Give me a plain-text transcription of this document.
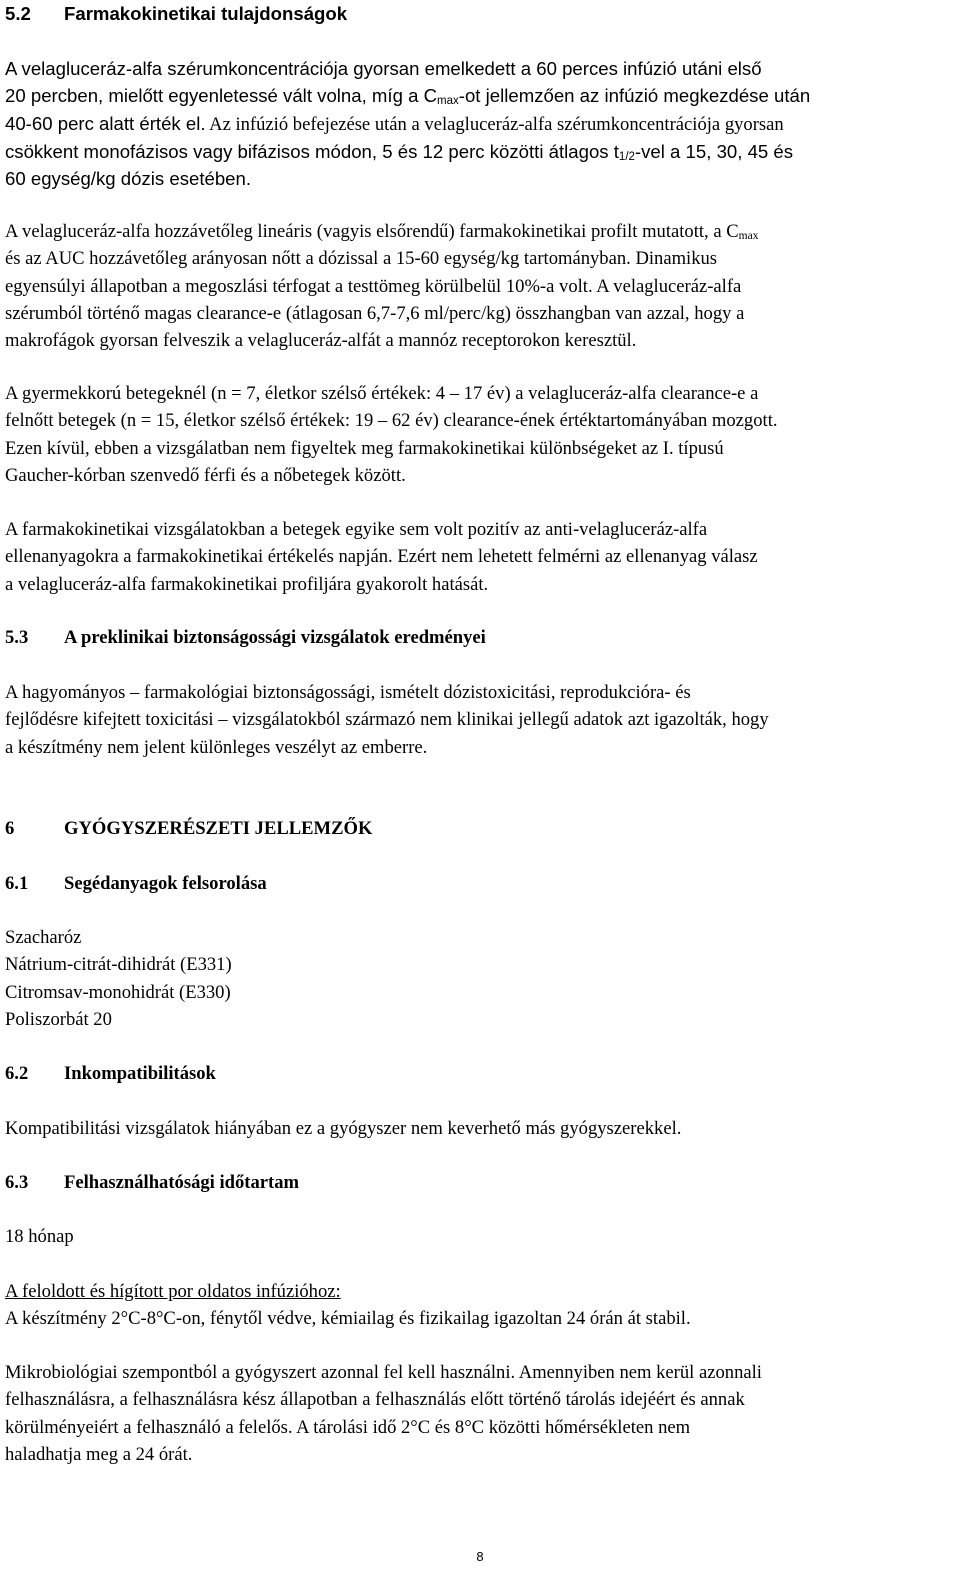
5.2 Farmakokinetikai tulajdonságok
A velagluceráz-alfa szérumkoncentrációja gyorsan emelkedett a 60 perces infúzió utáni első
20 percben, mielőtt egyenletessé vált volna, míg a $C_{max}-ot$ jellemzően az infúzió megkezdése után
40-60 perc alatt érték el. Az infúzió befejezése után a velagluceráz-alfa szérumkoncentrációja gyorsan
csökkent monofázisos vagy bifázisos módon, 5 és 12 perc közötti átlagos $t_{1/2}$-vel a 15, 30, 45 és
60 egység/kg dózis esetében.
A velagluceráz-alfa hozzávetőleg lineáris (vagyis elsőrendű) farmakokinetikai profilt mutatott, a $C_{max}$
és az AUC hozzávetőleg arányosan nőtt a dózissal a 15-60 egység/kg tartományban. Dinamikus
egyensúlyi állapotban a megoszlási térfogat a testtömeg körülbelül 10%-a volt. A velagluceráz-alfa
szérumból történő magas clearance-e (átlagosan 6,7-7,6 ml/perc/kg) összhangban van azzal, hogy a
makrofágok gyorsan felveszik a velagluceráz-alfát a mannóz receptorokon keresztül.
A gyermekkorú betegeknél (n = 7, életkor szélső értékek: 4 – 17 év) a velagluceráz-alfa clearance-e a
felnőtt betegek (n = 15, életkor szélső értékek: 19 – 62 év) clearance-ének értéktartományában mozgott.
Ezen kívül, ebben a vizsgálatban nem figyeltek meg farmakokinetikai különbségeket az I. típusú
Gaucher-kórban szenvedő férfi és a nőbetegek között.
A farmakokinetikai vizsgálatokban a betegek egyike sem volt pozitív az anti-velagluceráz-alfa
ellenanyagokra a farmakokinetikai értékelés napján. Ezért nem lehetett felmérni az ellenanyag válasz
a velagluceráz-alfa farmakokinetikai profiljára gyakorolt hatását.
5.3 A preklinikai biztonságossági vizsgálatok eredményei
A hagyományos – farmakológiai biztonságossági, ismételt dózistoxicitási, reprodukcióra- és
fejlődésre kifejtett toxicitási – vizsgálatokból származó nem klinikai jellegű adatok azt igazolták, hogy
a készítmény nem jelent különleges veszélyt az emberre.
6	GYÓGYSZERÉSZETI JELLEMZŐK
6.1 Segédanyagok felsorolása
Szacharóz
Nátrium-citrát-dihidrát (E331)
Citromsav-monohidrát (E330)
Poliszorbát 20
6.2 Inkompatibilitások
Kompatibilitási vizsgálatok hiányában ez a gyógyszer nem keverhető más gyógyszerekkel.
6.3 Felhasználhatósági időtartam
18 hónap
A feloldott és hígított por oldatos infúzióhoz:
A készítmény 2°C-8°C-on, fénytől védve, kémiailag és fizikailag igazoltan 24 órán át stabil.
Mikrobiológiai szempontból a gyógyszert azonnal fel kell használni. Amennyiben nem kerül azonnali
felhasználásra, a felhasználásra kész állapotban a felhasználás előtt történő tárolás idejéért és annak
körülményeiért a felhasználó a felelős. A tárolási idő 2°C és 8°C közötti hőmérsékleten nem
haladhatja meg a 24 órát.
8
